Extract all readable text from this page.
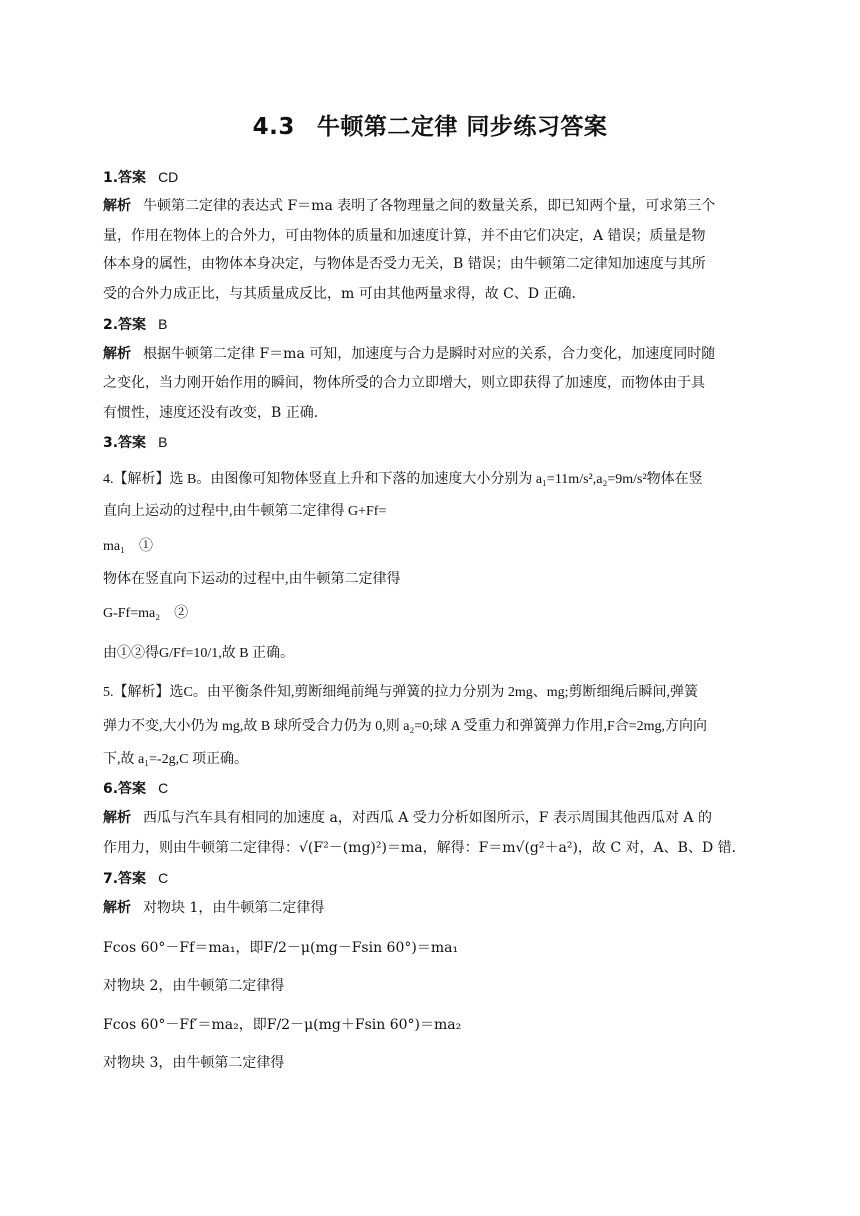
4.3 牛顿第二定律 同步练习答案
1.答案 CD
解析 牛顿第二定律的表达式 F＝ma 表明了各物理量之间的数量关系，即已知两个量，可求第三个
量，作用在物体上的合外力，可由物体的质量和加速度计算，并不由它们决定，A 错误；质量是物
体本身的属性，由物体本身决定，与物体是否受力无关，B 错误；由牛顿第二定律知加速度与其所
受的合外力成正比，与其质量成反比，m 可由其他两量求得，故 C、D 正确．
2.答案 B
解析 根据牛顿第二定律 F＝ma 可知，加速度与合力是瞬时对应的关系，合力变化，加速度同时随
之变化，当力刚开始作用的瞬间，物体所受的合力立即增大，则立即获得了加速度，而物体由于具
有惯性，速度还没有改变，B 正确．
3.答案 B
4.【解析】选 B。由图像可知物体竖直上升和下落的加速度大小分别为 a₁=11m/s²,a₂=9m/s²物体在竖
直向上运动的过程中,由牛顿第二定律得 G+Ff=
ma₁　①
物体在竖直向下运动的过程中,由牛顿第二定律得
G-Ff=ma₂　②
由①②得G/Ff=10/1,故 B 正确。
5.【解析】选C。由平衡条件知,剪断细绳前绳与弹簧的拉力分别为 2mg、mg;剪断细绳后瞬间,弹簧
弹力不变,大小仍为 mg,故 B 球所受合力仍为 0,则 a₂=0;球 A 受重力和弹簧弹力作用,F合=2mg,方向向
下,故 a₁=-2g,C 项正确。
6.答案 C
解析 西瓜与汽车具有相同的加速度 a，对西瓜 A 受力分析如图所示，F 表示周围其他西瓜对 A 的
作用力，则由牛顿第二定律得：√(F²－(mg)²)＝ma，解得：F＝m√(g²＋a²)，故 C 对，A、B、D 错．
7.答案 C
解析 对物块 1，由牛顿第二定律得
Fcos 60°－Ff＝ma₁，即F/2－μ(mg－Fsin 60°)＝ma₁
对物块 2，由牛顿第二定律得
Fcos 60°－Ff′＝ma₂，即F/2－μ(mg＋Fsin 60°)＝ma₂
对物块 3，由牛顿第二定律得
